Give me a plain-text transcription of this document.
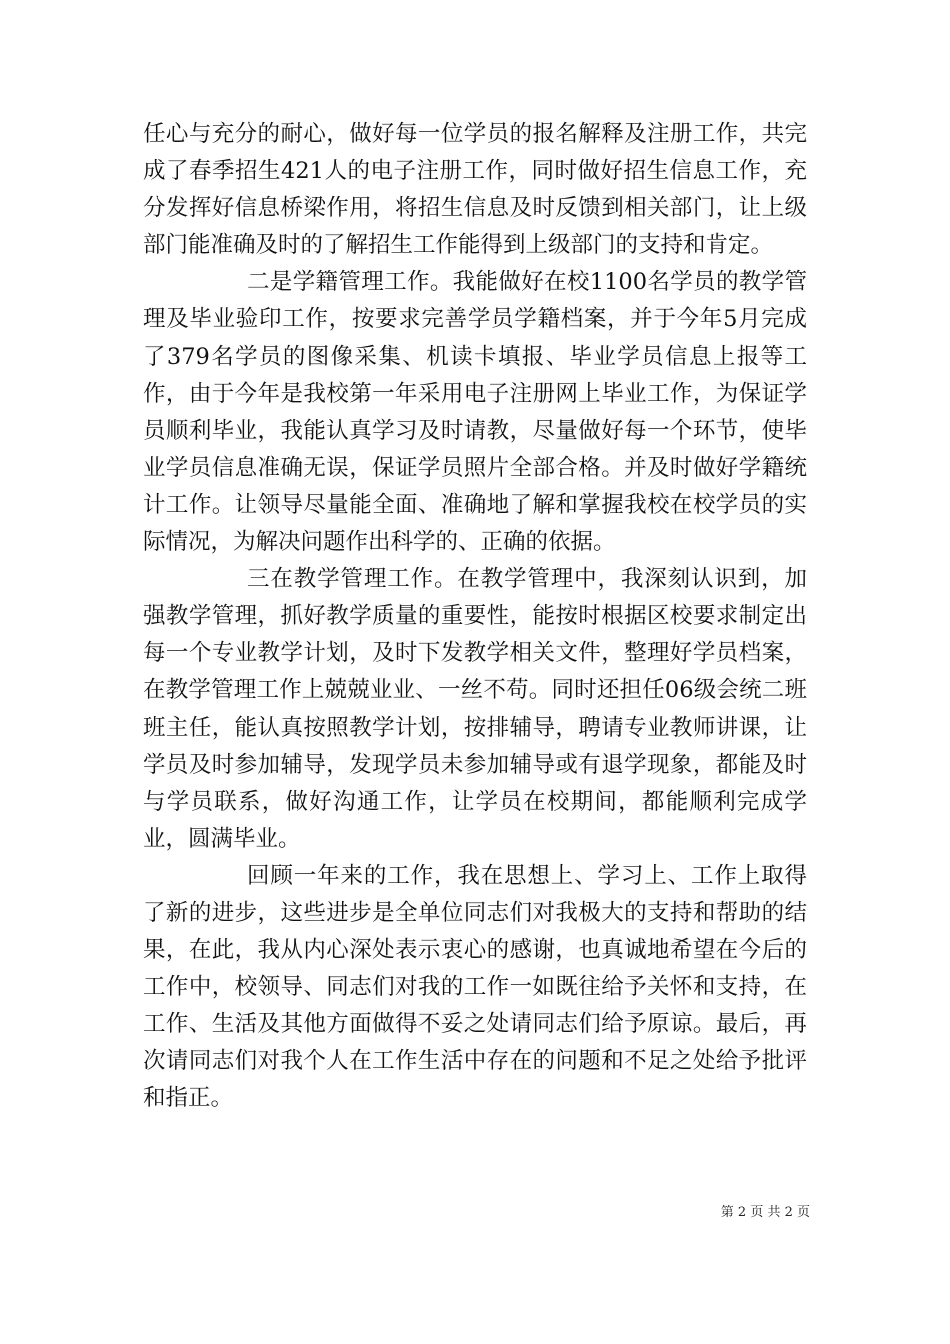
任心与充分的耐心，做好每一位学员的报名解释及注册工作，共完成了春季招生421人的电子注册工作，同时做好招生信息工作，充分发挥好信息桥梁作用，将招生信息及时反馈到相关部门，让上级部门能准确及时的了解招生工作能得到上级部门的支持和肯定。

二是学籍管理工作。我能做好在校1100名学员的教学管理及毕业验印工作，按要求完善学员学籍档案，并于今年5月完成了379名学员的图像采集、机读卡填报、毕业学员信息上报等工作，由于今年是我校第一年采用电子注册网上毕业工作，为保证学员顺利毕业，我能认真学习及时请教，尽量做好每一个环节，使毕业学员信息准确无误，保证学员照片全部合格。并及时做好学籍统计工作。让领导尽量能全面、准确地了解和掌握我校在校学员的实际情况，为解决问题作出科学的、正确的依据。

三在教学管理工作。在教学管理中，我深刻认识到，加强教学管理，抓好教学质量的重要性，能按时根据区校要求制定出每一个专业教学计划，及时下发教学相关文件，整理好学员档案，在教学管理工作上兢兢业业、一丝不苟。同时还担任06级会统二班班主任，能认真按照教学计划，按排辅导，聘请专业教师讲课，让学员及时参加辅导，发现学员未参加辅导或有退学现象，都能及时与学员联系，做好沟通工作，让学员在校期间，都能顺利完成学业，圆满毕业。

回顾一年来的工作，我在思想上、学习上、工作上取得了新的进步，这些进步是全单位同志们对我极大的支持和帮助的结果，在此，我从内心深处表示衷心的感谢，也真诚地希望在今后的工作中，校领导、同志们对我的工作一如既往给予关怀和支持，在工作、生活及其他方面做得不妥之处请同志们给予原谅。最后，再次请同志们对我个人在工作生活中存在的问题和不足之处给予批评和指正。

第 2 页 共 2 页
